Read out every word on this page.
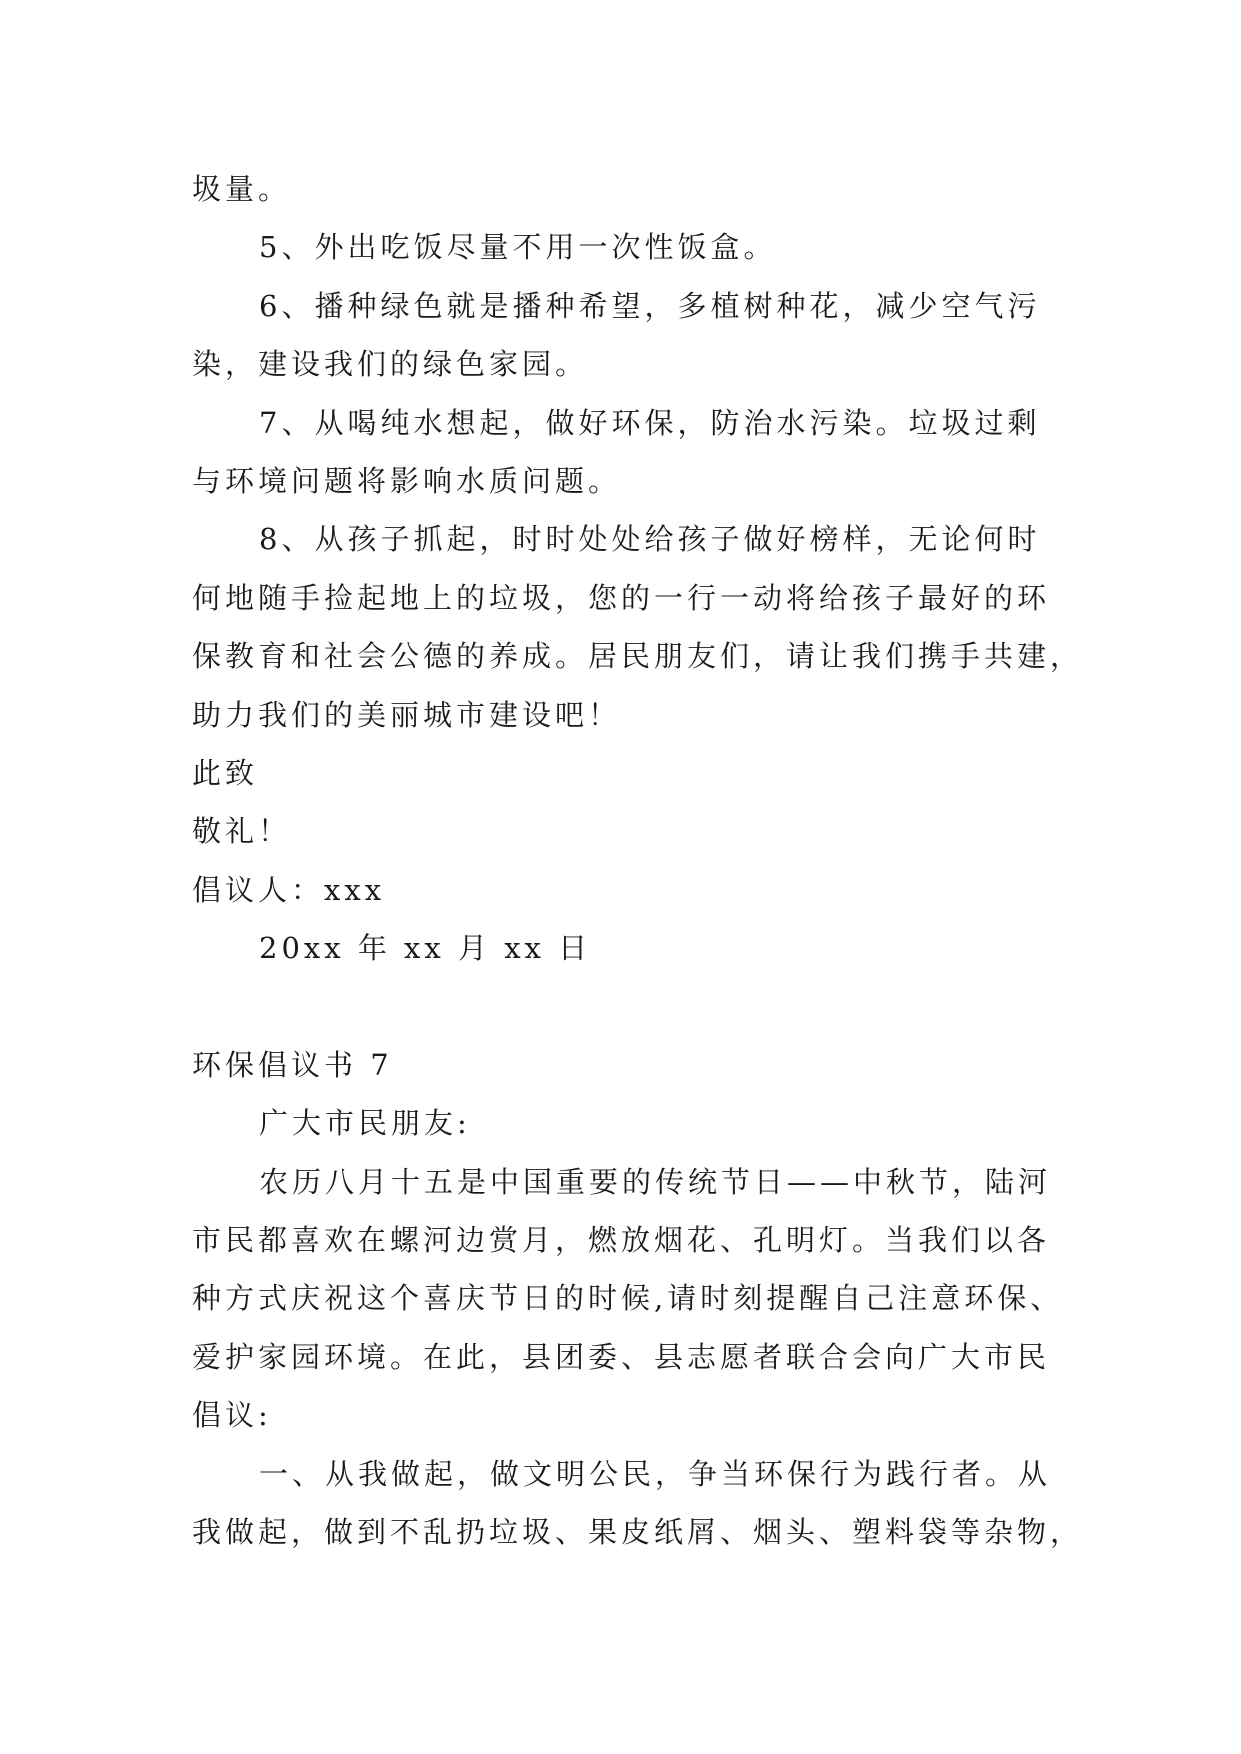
圾量。
5、外出吃饭尽量不用一次性饭盒。
6、播种绿色就是播种希望，多植树种花，减少空气污
染，建设我们的绿色家园。
7、从喝纯水想起，做好环保，防治水污染。垃圾过剩
与环境问题将影响水质问题。
8、从孩子抓起，时时处处给孩子做好榜样，无论何时
何地随手捡起地上的垃圾，您的一行一动将给孩子最好的环
保教育和社会公德的养成。居民朋友们，请让我们携手共建，
助力我们的美丽城市建设吧！
此致
敬礼！
倡议人：xxx
20xx 年 xx 月 xx 日
环保倡议书 7
广大市民朋友:
农历八月十五是中国重要的传统节日——中秋节，陆河
市民都喜欢在螺河边赏月，燃放烟花、孔明灯。当我们以各
种方式庆祝这个喜庆节日的时候,请时刻提醒自己注意环保、
爱护家园环境。在此，县团委、县志愿者联合会向广大市民
倡议:
一、从我做起，做文明公民，争当环保行为践行者。从
我做起，做到不乱扔垃圾、果皮纸屑、烟头、塑料袋等杂物，
